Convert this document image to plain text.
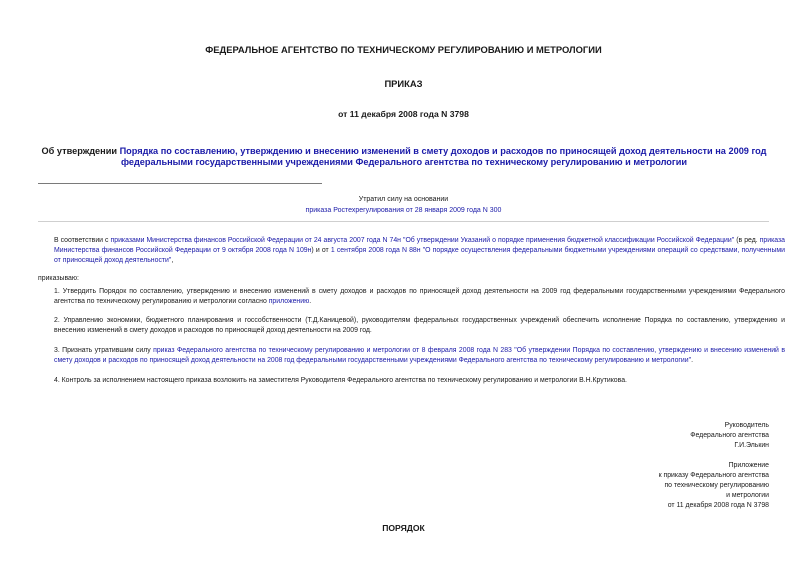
ФЕДЕРАЛЬНОЕ АГЕНТСТВО ПО ТЕХНИЧЕСКОМУ РЕГУЛИРОВАНИЮ И МЕТРОЛОГИИ
ПРИКАЗ
от 11 декабря 2008 года N 3798
Об утверждении Порядка по составлению, утверждению и внесению изменений в смету доходов и расходов по приносящей доход деятельности на 2009 год федеральными государственными учреждениями Федерального агентства по техническому регулированию и метрологии
Утратил силу на основании
приказа Ростехрегулирования от 28 января 2009 года N 300
В соответствии с приказами Министерства финансов Российской Федерации от 24 августа 2007 года N 74н "Об утверждении Указаний о порядке применения бюджетной классификации Российской Федерации" (в ред. приказа Министерства финансов Российской Федерации от 9 октября 2008 года N 109н) и от 1 сентября 2008 года N 88н "О порядке осуществления федеральными бюджетными учреждениями операций со средствами, полученными от приносящей доход деятельности",
приказываю:
1. Утвердить Порядок по составлению, утверждению и внесению изменений в смету доходов и расходов по приносящей доход деятельности на 2009 год федеральными государственными учреждениями Федерального агентства по техническому регулированию и метрологии согласно приложению.
2. Управлению экономики, бюджетного планирования и госсобственности (Т.Д.Каницевой), руководителям федеральных государственных учреждений обеспечить исполнение Порядка по составлению, утверждению и внесению изменений в смету доходов и расходов по приносящей доход деятельности на 2009 год.
3. Признать утратившим силу приказ Федерального агентства по техническому регулированию и метрологии от 8 февраля 2008 года N 283 "Об утверждении Порядка по составлению, утверждению и внесению изменений в смету доходов и расходов по приносящей доход деятельности на 2008 год федеральными государственными учреждениями Федерального агентства по техническому регулированию и метрологии".
4. Контроль за исполнением настоящего приказа возложить на заместителя Руководителя Федерального агентства по техническому регулированию и метрологии В.Н.Крутикова.
Руководитель
Федерального агентства
Г.И.Элькин
Приложение
к приказу Федерального агентства
по техническому регулированию
и метрологии
от 11 декабря 2008 года N 3798
ПОРЯДОК
